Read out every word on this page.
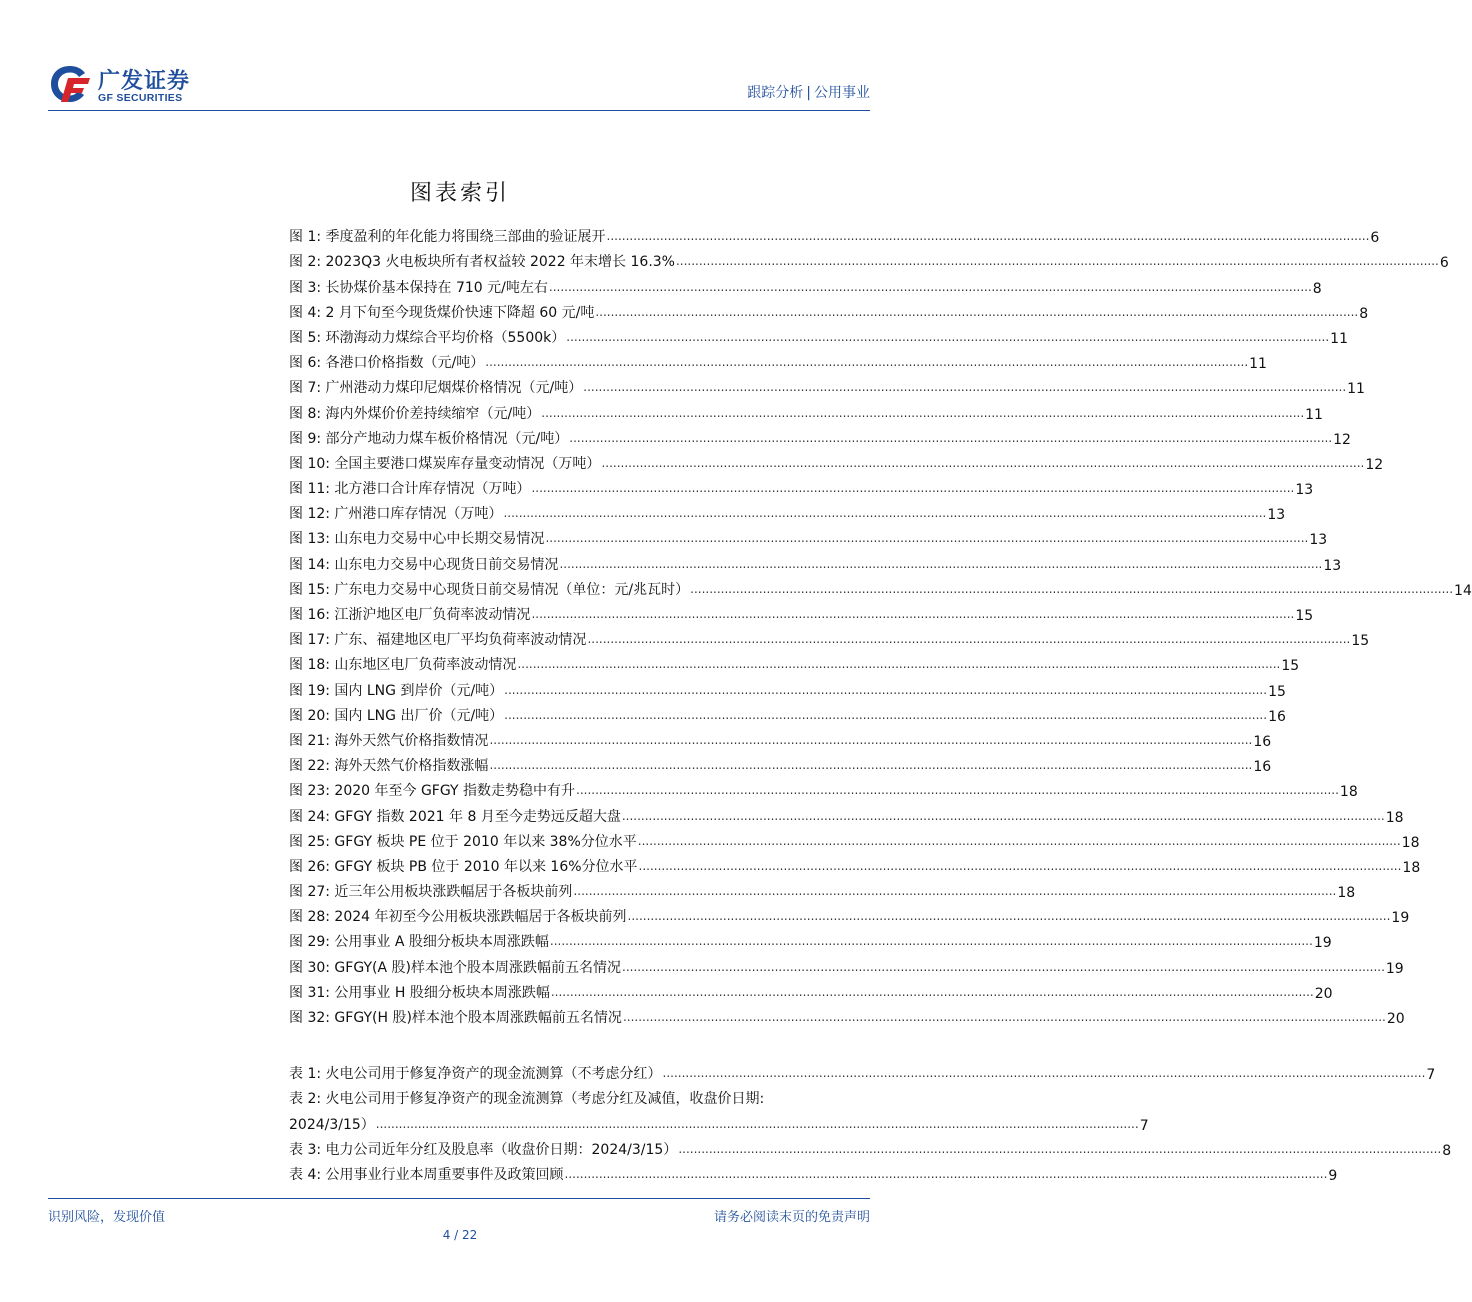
广发证券
GF SECURITIES	跟踪分析 | 公用事业
图表索引
图 1: 季度盈利的年化能力将围绕三部曲的验证展开 ........................................................................................................................................................................................................ 6
图 2: 2023Q3 火电板块所有者权益较 2022 年末增长 16.3% ........................................................................................................................................................................................................ 6
图 3: 长协煤价基本保持在 710 元/吨左右 ........................................................................................................................................................................................................ 8
图 4: 2 月下旬至今现货煤价快速下降超 60 元/吨 ........................................................................................................................................................................................................ 8
图 5: 环渤海动力煤综合平均价格（5500k） ........................................................................................................................................................................................................ 11
图 6: 各港口价格指数（元/吨） ........................................................................................................................................................................................................ 11
图 7: 广州港动力煤印尼烟煤价格情况（元/吨） ........................................................................................................................................................................................................ 11
图 8: 海内外煤价价差持续缩窄（元/吨） ........................................................................................................................................................................................................ 11
图 9: 部分产地动力煤车板价格情况（元/吨） ........................................................................................................................................................................................................ 12
图 10: 全国主要港口煤炭库存量变动情况（万吨） ........................................................................................................................................................................................................ 12
图 11: 北方港口合计库存情况（万吨） ........................................................................................................................................................................................................ 13
图 12: 广州港口库存情况（万吨） ........................................................................................................................................................................................................ 13
图 13: 山东电力交易中心中长期交易情况 ........................................................................................................................................................................................................ 13
图 14: 山东电力交易中心现货日前交易情况 ........................................................................................................................................................................................................ 13
图 15: 广东电力交易中心现货日前交易情况（单位：元/兆瓦时） ........................................................................................................................................................................................................ 14
图 16: 江浙沪地区电厂负荷率波动情况 ........................................................................................................................................................................................................ 15
图 17: 广东、福建地区电厂平均负荷率波动情况 ........................................................................................................................................................................................................ 15
图 18: 山东地区电厂负荷率波动情况 ........................................................................................................................................................................................................ 15
图 19: 国内 LNG 到岸价（元/吨） ........................................................................................................................................................................................................ 15
图 20: 国内 LNG 出厂价（元/吨） ........................................................................................................................................................................................................ 16
图 21: 海外天然气价格指数情况 ........................................................................................................................................................................................................ 16
图 22: 海外天然气价格指数涨幅 ........................................................................................................................................................................................................ 16
图 23: 2020 年至今 GFGY 指数走势稳中有升 ........................................................................................................................................................................................................ 18
图 24: GFGY 指数 2021 年 8 月至今走势远反超大盘 ........................................................................................................................................................................................................ 18
图 25: GFGY 板块 PE 位于 2010 年以来 38%分位水平 ........................................................................................................................................................................................................ 18
图 26: GFGY 板块 PB 位于 2010 年以来 16%分位水平 ........................................................................................................................................................................................................ 18
图 27: 近三年公用板块涨跌幅居于各板块前列 ........................................................................................................................................................................................................ 18
图 28: 2024 年初至今公用板块涨跌幅居于各板块前列 ........................................................................................................................................................................................................ 19
图 29: 公用事业 A 股细分板块本周涨跌幅 ........................................................................................................................................................................................................ 19
图 30: GFGY(A 股)样本池个股本周涨跌幅前五名情况 ........................................................................................................................................................................................................ 19
图 31: 公用事业 H 股细分板块本周涨跌幅 ........................................................................................................................................................................................................ 20
图 32: GFGY(H 股)样本池个股本周涨跌幅前五名情况 ........................................................................................................................................................................................................ 20
表 1: 火电公司用于修复净资产的现金流测算（不考虑分红） ........................................................................................................................................................................................................ 7
表 2: 火电公司用于修复净资产的现金流测算（考虑分红及减值，收盘价日期:
2024/3/15） ........................................................................................................................................................................................................ 7
表 3: 电力公司近年分红及股息率（收盘价日期：2024/3/15） ........................................................................................................................................................................................................ 8
表 4: 公用事业行业本周重要事件及政策回顾 ........................................................................................................................................................................................................ 9
识别风险，发现价值	请务必阅读末页的免责声明
4 / 22
